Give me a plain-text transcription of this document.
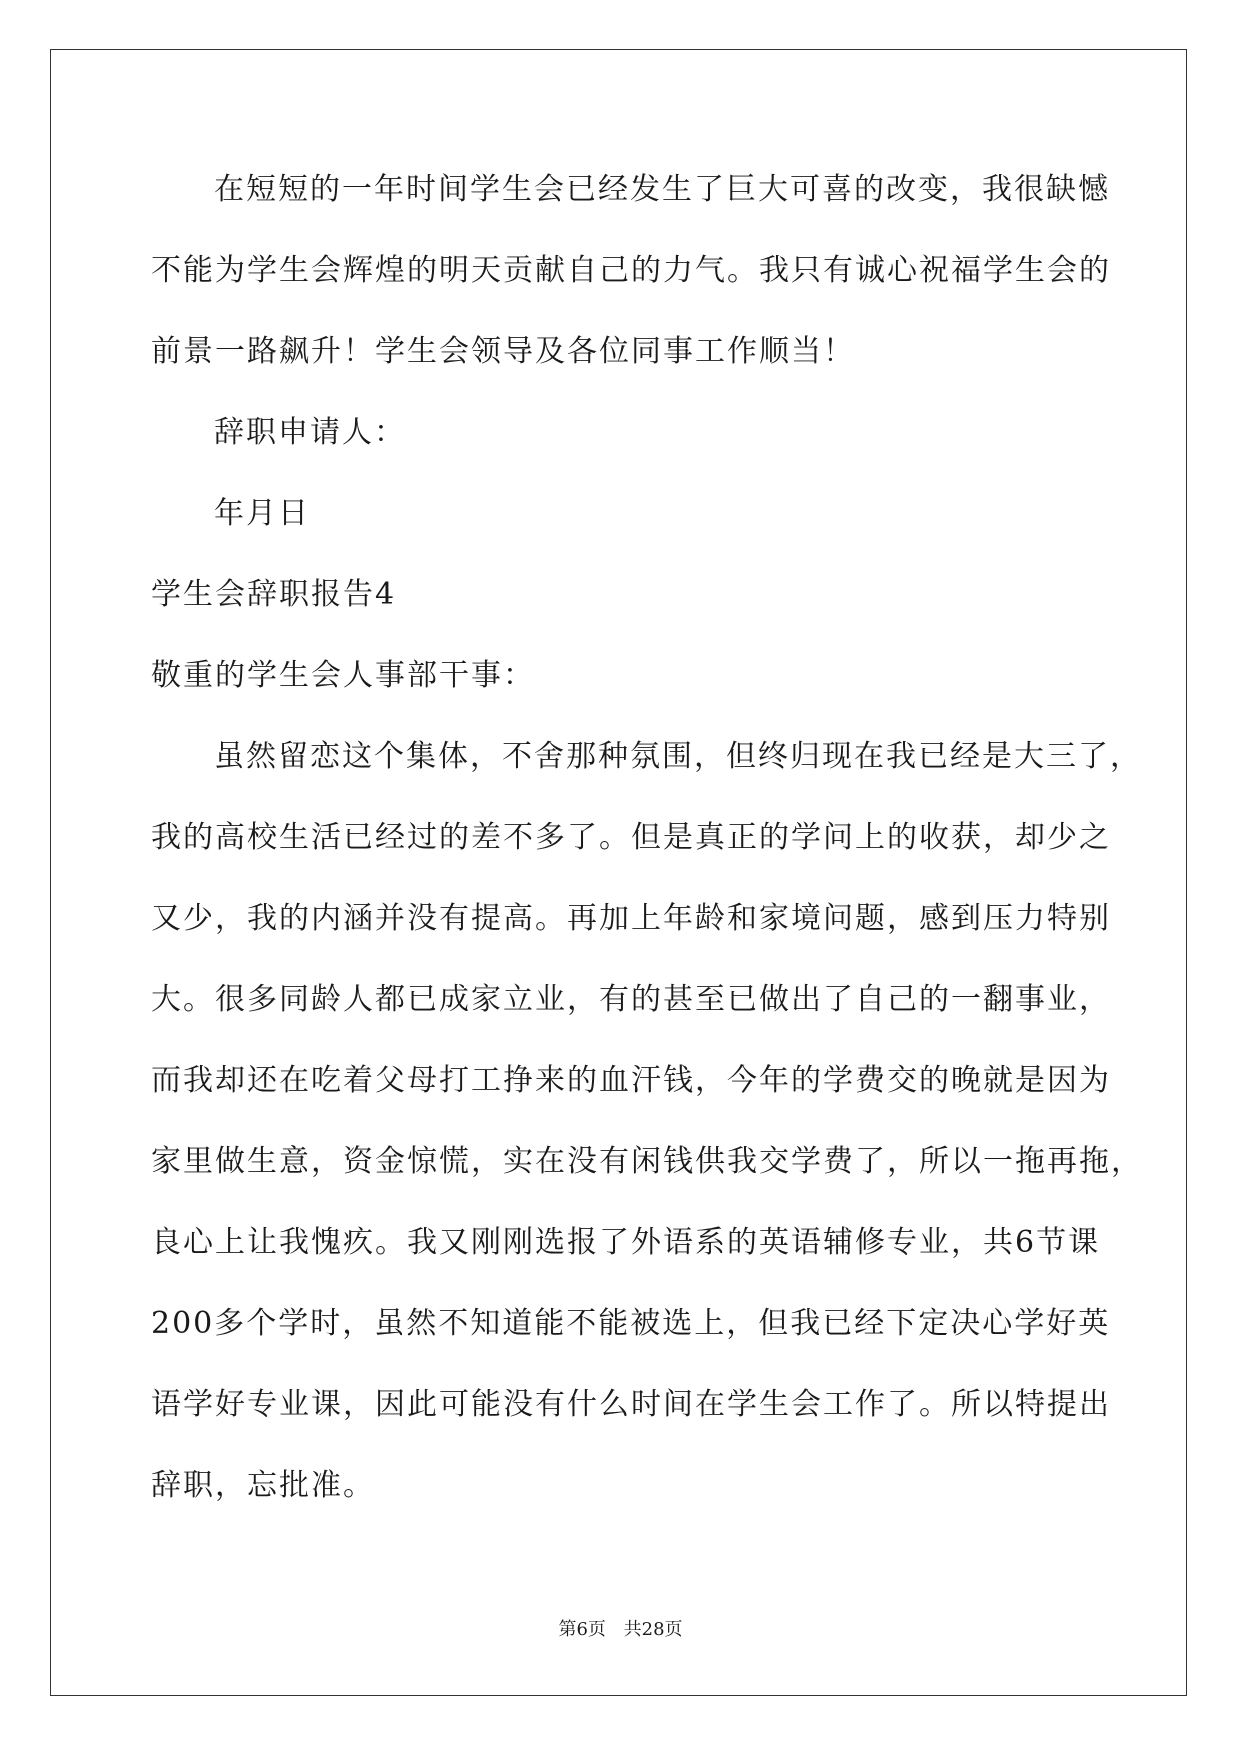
在短短的一年时间学生会已经发生了巨大可喜的改变，我很缺憾
不能为学生会辉煌的明天贡献自己的力气。我只有诚心祝福学生会的
前景一路飙升！学生会领导及各位同事工作顺当！
辞职申请人：
年月日
学生会辞职报告4
敬重的学生会人事部干事：
虽然留恋这个集体，不舍那种氛围，但终归现在我已经是大三了，
我的高校生活已经过的差不多了。但是真正的学问上的收获，却少之
又少，我的内涵并没有提高。再加上年龄和家境问题，感到压力特别
大。很多同龄人都已成家立业，有的甚至已做出了自己的一翻事业，
而我却还在吃着父母打工挣来的血汗钱，今年的学费交的晚就是因为
家里做生意，资金惊慌，实在没有闲钱供我交学费了，所以一拖再拖，
良心上让我愧疚。我又刚刚选报了外语系的英语辅修专业，共6节课
200多个学时，虽然不知道能不能被选上，但我已经下定决心学好英
语学好专业课，因此可能没有什么时间在学生会工作了。所以特提出
辞职，忘批准。
第6页 共28页
